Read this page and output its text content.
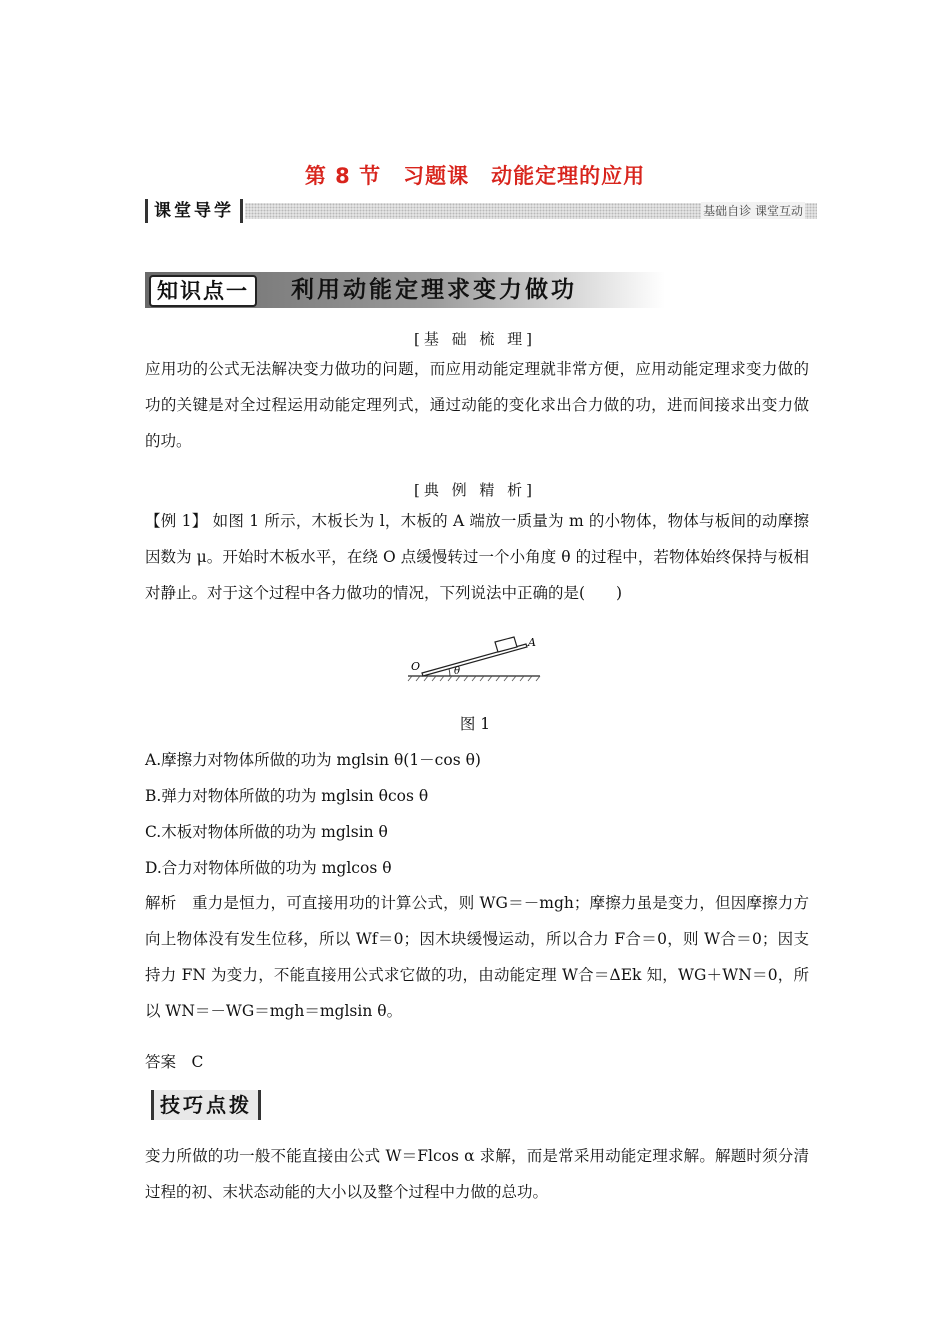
第 8 节　习题课　动能定理的应用
课堂导学	基础自诊 课堂互动
知识点一	利用动能定理求变力做功
[基 础 梳 理]
应用功的公式无法解决变力做功的问题，而应用动能定理就非常方便，应用动能定理求变力做的功的关键是对全过程运用动能定理列式，通过动能的变化求出合力做的功，进而间接求出变力做的功。
[典 例 精 析]
【例 1】 如图 1 所示，木板长为 l，木板的 A 端放一质量为 m 的小物体，物体与板间的动摩擦因数为 μ。开始时木板水平，在绕 O 点缓慢转过一个小角度 θ 的过程中，若物体始终保持与板相对静止。对于这个过程中各力做功的情况，下列说法中正确的是(　　)
A
O	θ
图 1
A.摩擦力对物体所做的功为 mglsin θ(1－cos θ)
B.弹力对物体所做的功为 mglsin θcos θ
C.木板对物体所做的功为 mglsin θ
D.合力对物体所做的功为 mglcos θ
解析　重力是恒力，可直接用功的计算公式，则 WG＝－mgh；摩擦力虽是变力，但因摩擦力方向上物体没有发生位移，所以 Wf＝0；因木块缓慢运动，所以合力 F合＝0，则 W合＝0；因支持力 FN 为变力，不能直接用公式求它做的功，由动能定理 W合＝ΔEk 知，WG＋WN＝0，所以 WN＝－WG＝mgh＝mglsin θ。
答案　C
技巧点拨
变力所做的功一般不能直接由公式 W＝Flcos α 求解，而是常采用动能定理求解。解题时须分清过程的初、末状态动能的大小以及整个过程中力做的总功。
